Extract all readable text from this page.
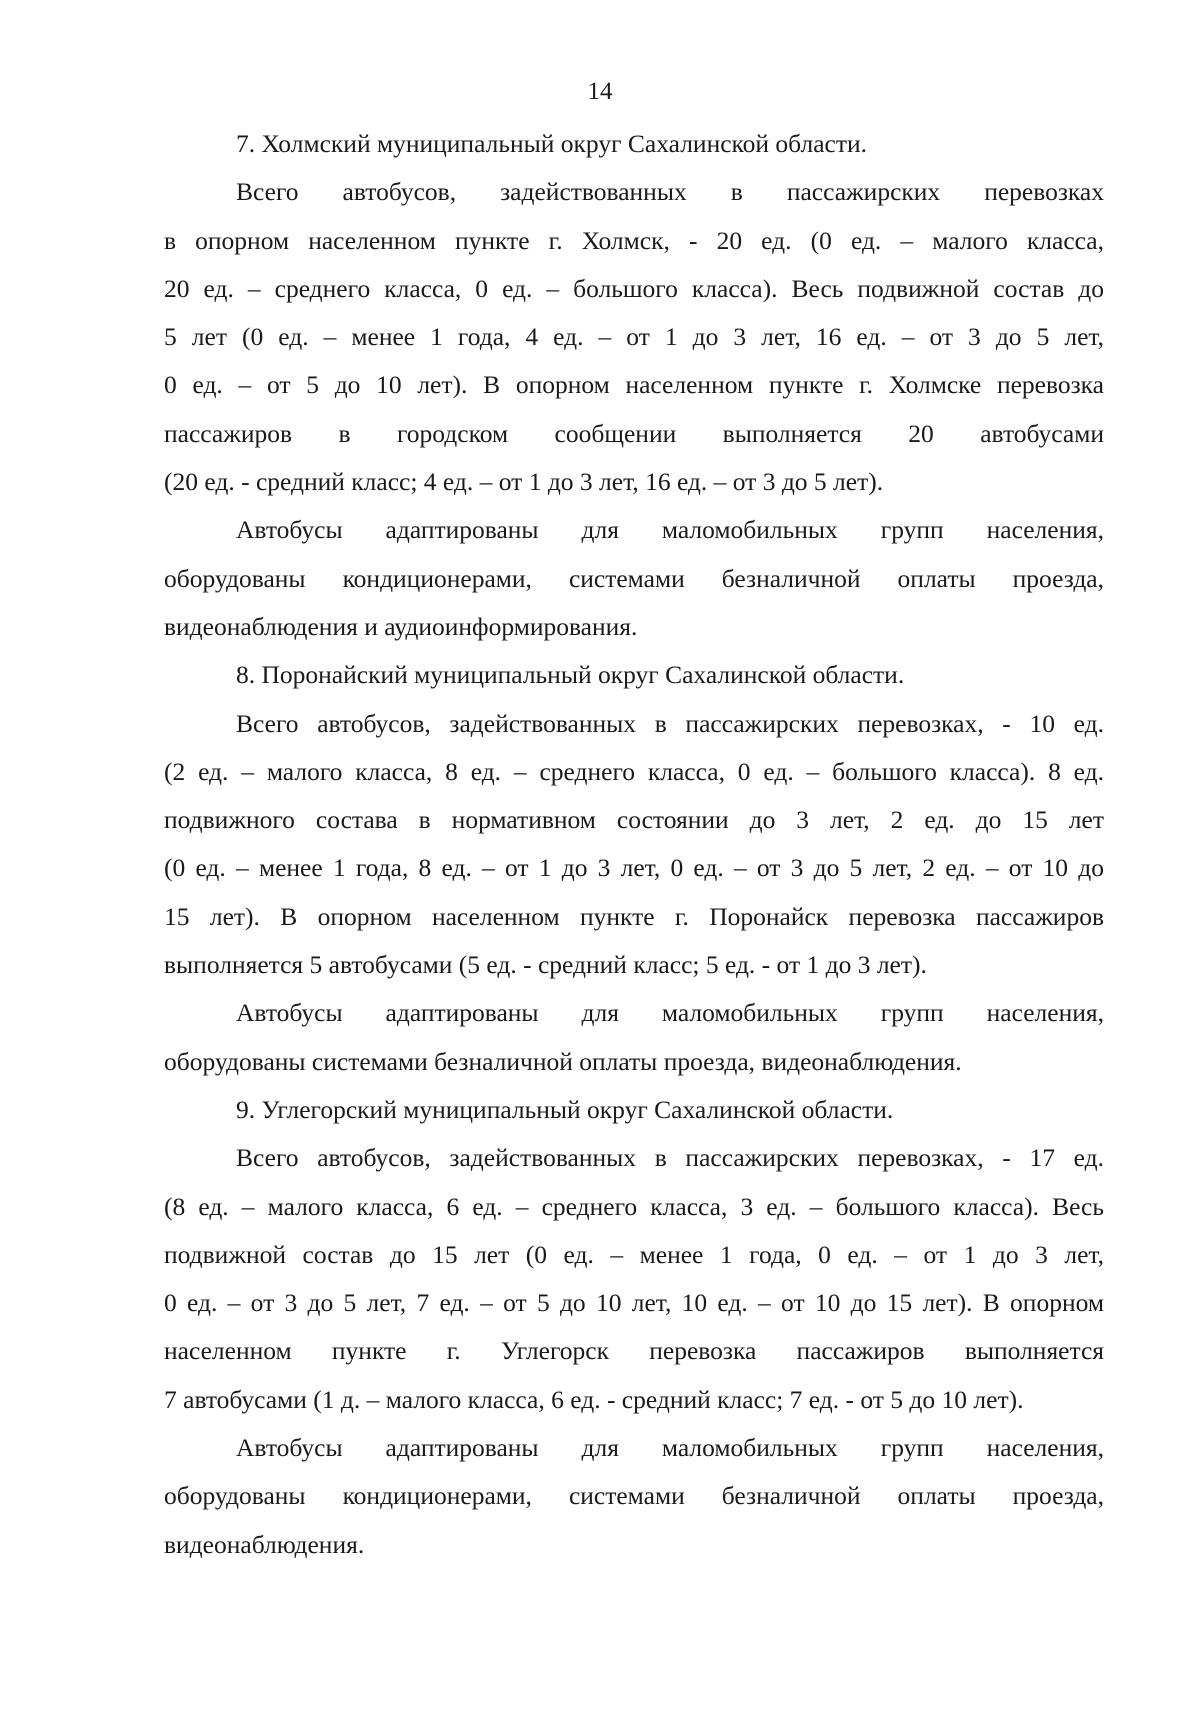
14
7. Холмский муниципальный округ Сахалинской области.
Всего автобусов, задействованных в пассажирских перевозках
в опорном населенном пункте г. Холмск, - 20 ед. (0 ед. – малого класса,
20 ед. – среднего класса, 0 ед. – большого класса). Весь подвижной состав до
5 лет (0 ед. – менее 1 года, 4 ед. – от 1 до 3 лет, 16 ед. – от 3 до 5 лет,
0 ед. – от 5 до 10 лет). В опорном населенном пункте г. Холмске перевозка
пассажиров в городском сообщении выполняется 20 автобусами
(20 ед. - средний класс; 4 ед. – от 1 до 3 лет, 16 ед. – от 3 до 5 лет).
Автобусы адаптированы для маломобильных групп населения,
оборудованы кондиционерами, системами безналичной оплаты проезда,
видеонаблюдения и аудиоинформирования.
8. Поронайский муниципальный округ Сахалинской области.
Всего автобусов, задействованных в пассажирских перевозках, - 10 ед.
(2 ед. – малого класса, 8 ед. – среднего класса, 0 ед. – большого класса). 8 ед.
подвижного состава в нормативном состоянии до 3 лет, 2 ед. до 15 лет
(0 ед. – менее 1 года, 8 ед. – от 1 до 3 лет, 0 ед. – от 3 до 5 лет, 2 ед. – от 10 до
15 лет). В опорном населенном пункте г. Поронайск перевозка пассажиров
выполняется 5 автобусами (5 ед. - средний класс; 5 ед. - от 1 до 3 лет).
Автобусы адаптированы для маломобильных групп населения,
оборудованы системами безналичной оплаты проезда, видеонаблюдения.
9. Углегорский муниципальный округ Сахалинской области.
Всего автобусов, задействованных в пассажирских перевозках, - 17 ед.
(8 ед. – малого класса, 6 ед. – среднего класса, 3 ед. – большого класса). Весь
подвижной состав до 15 лет (0 ед. – менее 1 года, 0 ед. – от 1 до 3 лет,
0 ед. – от 3 до 5 лет, 7 ед. – от 5 до 10 лет, 10 ед. – от 10 до 15 лет). В опорном
населенном пункте г. Углегорск перевозка пассажиров выполняется
7 автобусами (1 д. – малого класса, 6 ед. - средний класс; 7 ед. - от 5 до 10 лет).
Автобусы адаптированы для маломобильных групп населения,
оборудованы кондиционерами, системами безналичной оплаты проезда,
видеонаблюдения.
